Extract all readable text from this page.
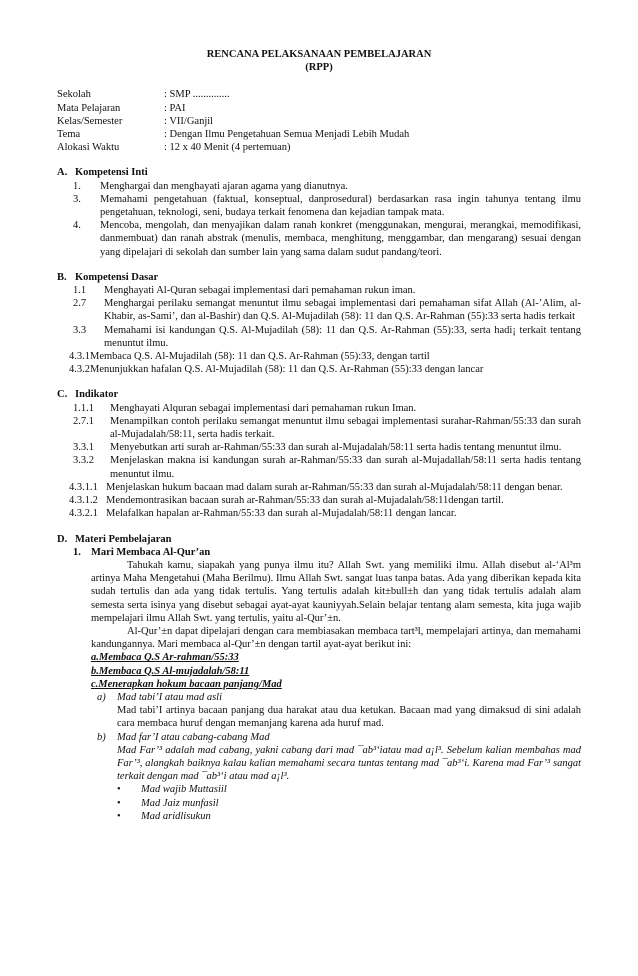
RENCANA PELAKSANAAN PEMBELAJARAN
(RPP)
Sekolah	: SMP ..............
Mata Pelajaran	: PAI
Kelas/Semester	: VII/Ganjil
Tema	: Dengan Ilmu Pengetahuan Semua Menjadi Lebih Mudah
Alokasi Waktu	: 12 x 40 Menit (4 pertemuan)
A. Kompetensi Inti
1.	Menghargai dan menghayati ajaran agama yang dianutnya.
3.	Memahami pengetahuan (faktual, konseptual, danprosedural) berdasarkan rasa ingin tahunya tentang ilmu pengetahuan, teknologi, seni, budaya terkait fenomena dan kejadian tampak mata.
4.	Mencoba, mengolah, dan menyajikan dalam ranah konkret (menggunakan, mengurai, merangkai, memodifikasi, danmembuat) dan ranah abstrak (menulis, membaca, menghitung, menggambar, dan mengarang) sesuai dengan yang dipelajari di sekolah dan sumber lain yang sama dalam sudut pandang/teori.
B. Kompetensi Dasar
1.1	Menghayati Al-Quran sebagai implementasi dari pemahaman rukun iman.
2.7	Menghargai perilaku semangat menuntut ilmu sebagai implementasi dari pemahaman sifat Allah (Al-’Alim, al-Khabir, as-Sami’, dan al-Bashir) dan Q.S. Al-Mujadilah (58): 11 dan Q.S. Ar-Rahman (55):33 serta hadis terkait
3.3	Memahami isi kandungan Q.S. Al-Mujadilah (58): 11 dan Q.S. Ar-Rahman (55):33, serta hadi¡ terkait tentang menuntut ilmu.
4.3.1 Membaca Q.S. Al-Mujadilah (58): 11 dan Q.S. Ar-Rahman (55):33, dengan tartil
4.3.2 Menunjukkan hafalan Q.S. Al-Mujadilah (58): 11 dan Q.S. Ar-Rahman (55):33 dengan lancar
C. Indikator
1.1.1	Menghayati Alquran sebagai implementasi dari pemahaman rukun Iman.
2.7.1	Menampilkan contoh perilaku semangat menuntut ilmu sebagai implementasi surahar-Rahman/55:33 dan surah al-Mujadalah/58:11, serta hadis terkait.
3.3.1	Menyebutkan arti surah ar-Rahman/55:33 dan surah al-Mujadalah/58:11 serta hadis tentang menuntut ilmu.
3.3.2	Menjelaskan makna isi kandungan surah ar-Rahman/55:33 dan surah al-Mujadallah/58:11 serta hadis tentang menuntut ilmu.
4.3.1.1 Menjelaskan hukum bacaan mad dalam surah ar-Rahman/55:33 dan surah al-Mujadalah/58:11 dengan benar.
4.3.1.2 Mendemontrasikan bacaan surah ar-Rahman/55:33 dan surah al-Mujadalah/58:11dengan tartil.
4.3.2.1 Melafalkan hapalan ar-Rahman/55:33 dan surah al-Mujadalah/58:11 dengan lancar.
D. Materi Pembelajaran
1. Mari Membaca Al-Qur’an
Tahukah kamu, siapakah yang punya ilmu itu? Allah Swt. yang memiliki ilmu. Allah disebut al-‘Al³m artinya Maha Mengetahui (Maha Berilmu). Ilmu Allah Swt. sangat luas tanpa batas. Ada yang diberikan kepada kita sudah tertulis dan ada yang tidak tertulis. Yang tertulis adalah kit±bull±h dan yang tidak tertulis adalah alam semesta serta isinya yang disebut sebagai ayat-ayat kauniyyah.Selain belajar tentang alam semesta, kita juga wajib mempelajari ilmu Allah Swt. yang tertulis, yaitu al-Qur’±n.
Al-Qur’±n dapat dipelajari dengan cara membiasakan membaca tart³l, mempelajari artinya, dan memahami kandungannya. Mari membaca al-Qur’±n dengan tartil ayat-ayat berikut ini:
a.Membaca Q.S Ar-rahman/55:33
b.Membaca Q.S Al-mujadalah/58:11
c.Menerapkan hokum bacaan panjang/Mad
a)	Mad tabi’I atau mad asli
Mad tabi’I artinya bacaan panjang dua harakat atau dua ketukan. Bacaan mad yang dimaksud di sini adalah cara membaca huruf dengan memanjang karena ada huruf mad.
b)	Mad far’I atau cabang-cabang Mad
Mad Far’³ adalah mad cabang, yakni cabang dari mad ¯ab³‘iatau mad a¡l³. Sebelum kalian membahas mad Far’³, alangkah baiknya kalau kalian memahami secara tuntas tentang mad ¯ab³‘i. Karena mad Far’³ sangat terkait dengan mad ¯ab³‘i atau mad a¡l³.
•	Mad wajib Muttasiil
•	Mad Jaiz munfasil
•	Mad aridlisukun
